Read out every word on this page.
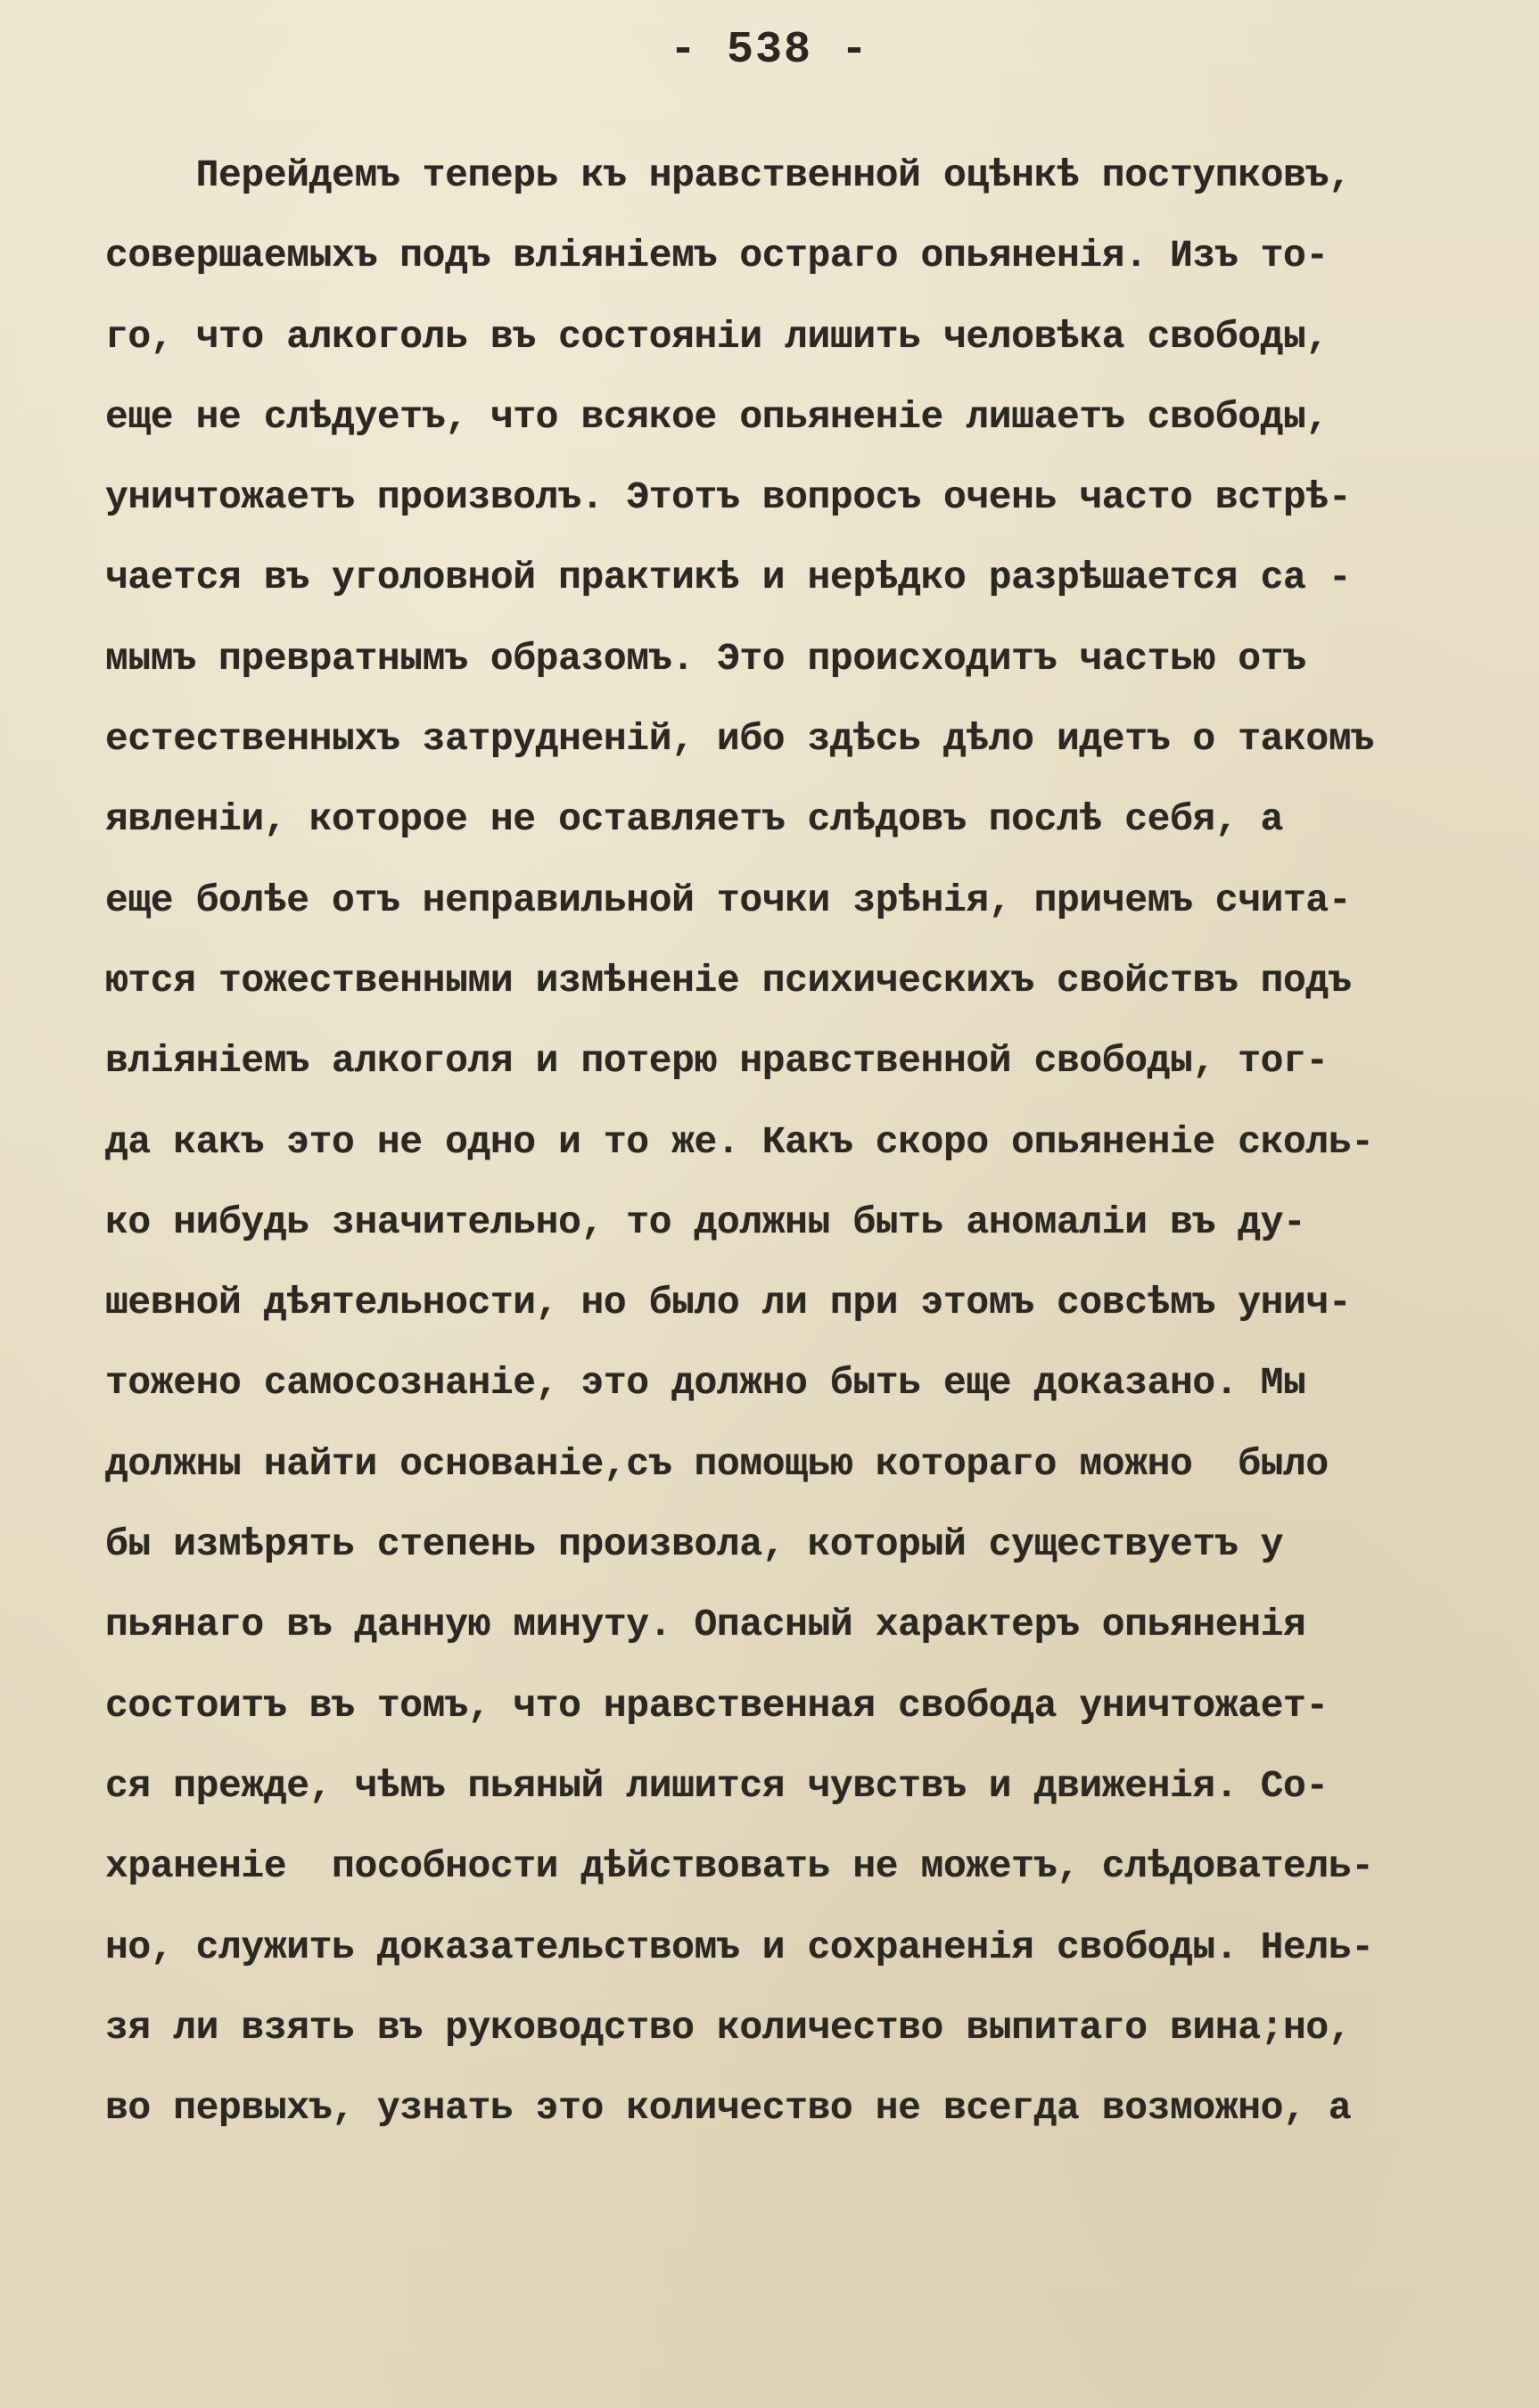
- 538 -
Перейдемъ теперь къ нравственной оцѣнкѣ поступковъ,
совершаемыхъ подъ влiянiемъ остраго опьяненiя. Изъ то-
го, что алкоголь въ состоянiи лишить человѣка свободы,
еще не слѣдуетъ, что всякое опьяненiе лишаетъ свободы,
уничтожаетъ произволъ. Этотъ вопросъ очень часто встрѣ-
чается въ уголовной практикѣ и нерѣдко разрѣшается са -
мымъ превратнымъ образомъ. Это происходитъ частью отъ
естественныхъ затрудненiй, ибо здѣсь дѣло идетъ о такомъ
явленiи, которое не оставляетъ слѣдовъ послѣ себя, а
еще болѣе отъ неправильной точки зрѣнiя, причемъ счита-
ются тожественными измѣненiе психическихъ свойствъ подъ
влiянiемъ алкоголя и потерю нравственной свободы, тог-
да какъ это не одно и то же. Какъ скоро опьяненiе сколь-
ко нибудь значительно, то должны быть аномалiи въ ду-
шевной дѣятельности, но было ли при этомъ совсѣмъ унич-
тожено самосознанiе, это должно быть еще доказано. Мы
должны найти основанiе,съ помощью котораго можно  было
бы измѣрять степень произвола, который существуетъ у
пьянаго въ данную минуту. Опасный характеръ опьяненiя
состоитъ въ томъ, что нравственная свобода уничтожает-
ся прежде, чѣмъ пьяный лишится чувствъ и движенiя. Со-
храненiе  пособности дѣйствовать не можетъ, слѣдователь-
но, служить доказательствомъ и сохраненiя свободы. Нель-
зя ли взять въ руководство количество выпитаго вина;но,
во первыхъ, узнать это количество не всегда возможно, а
